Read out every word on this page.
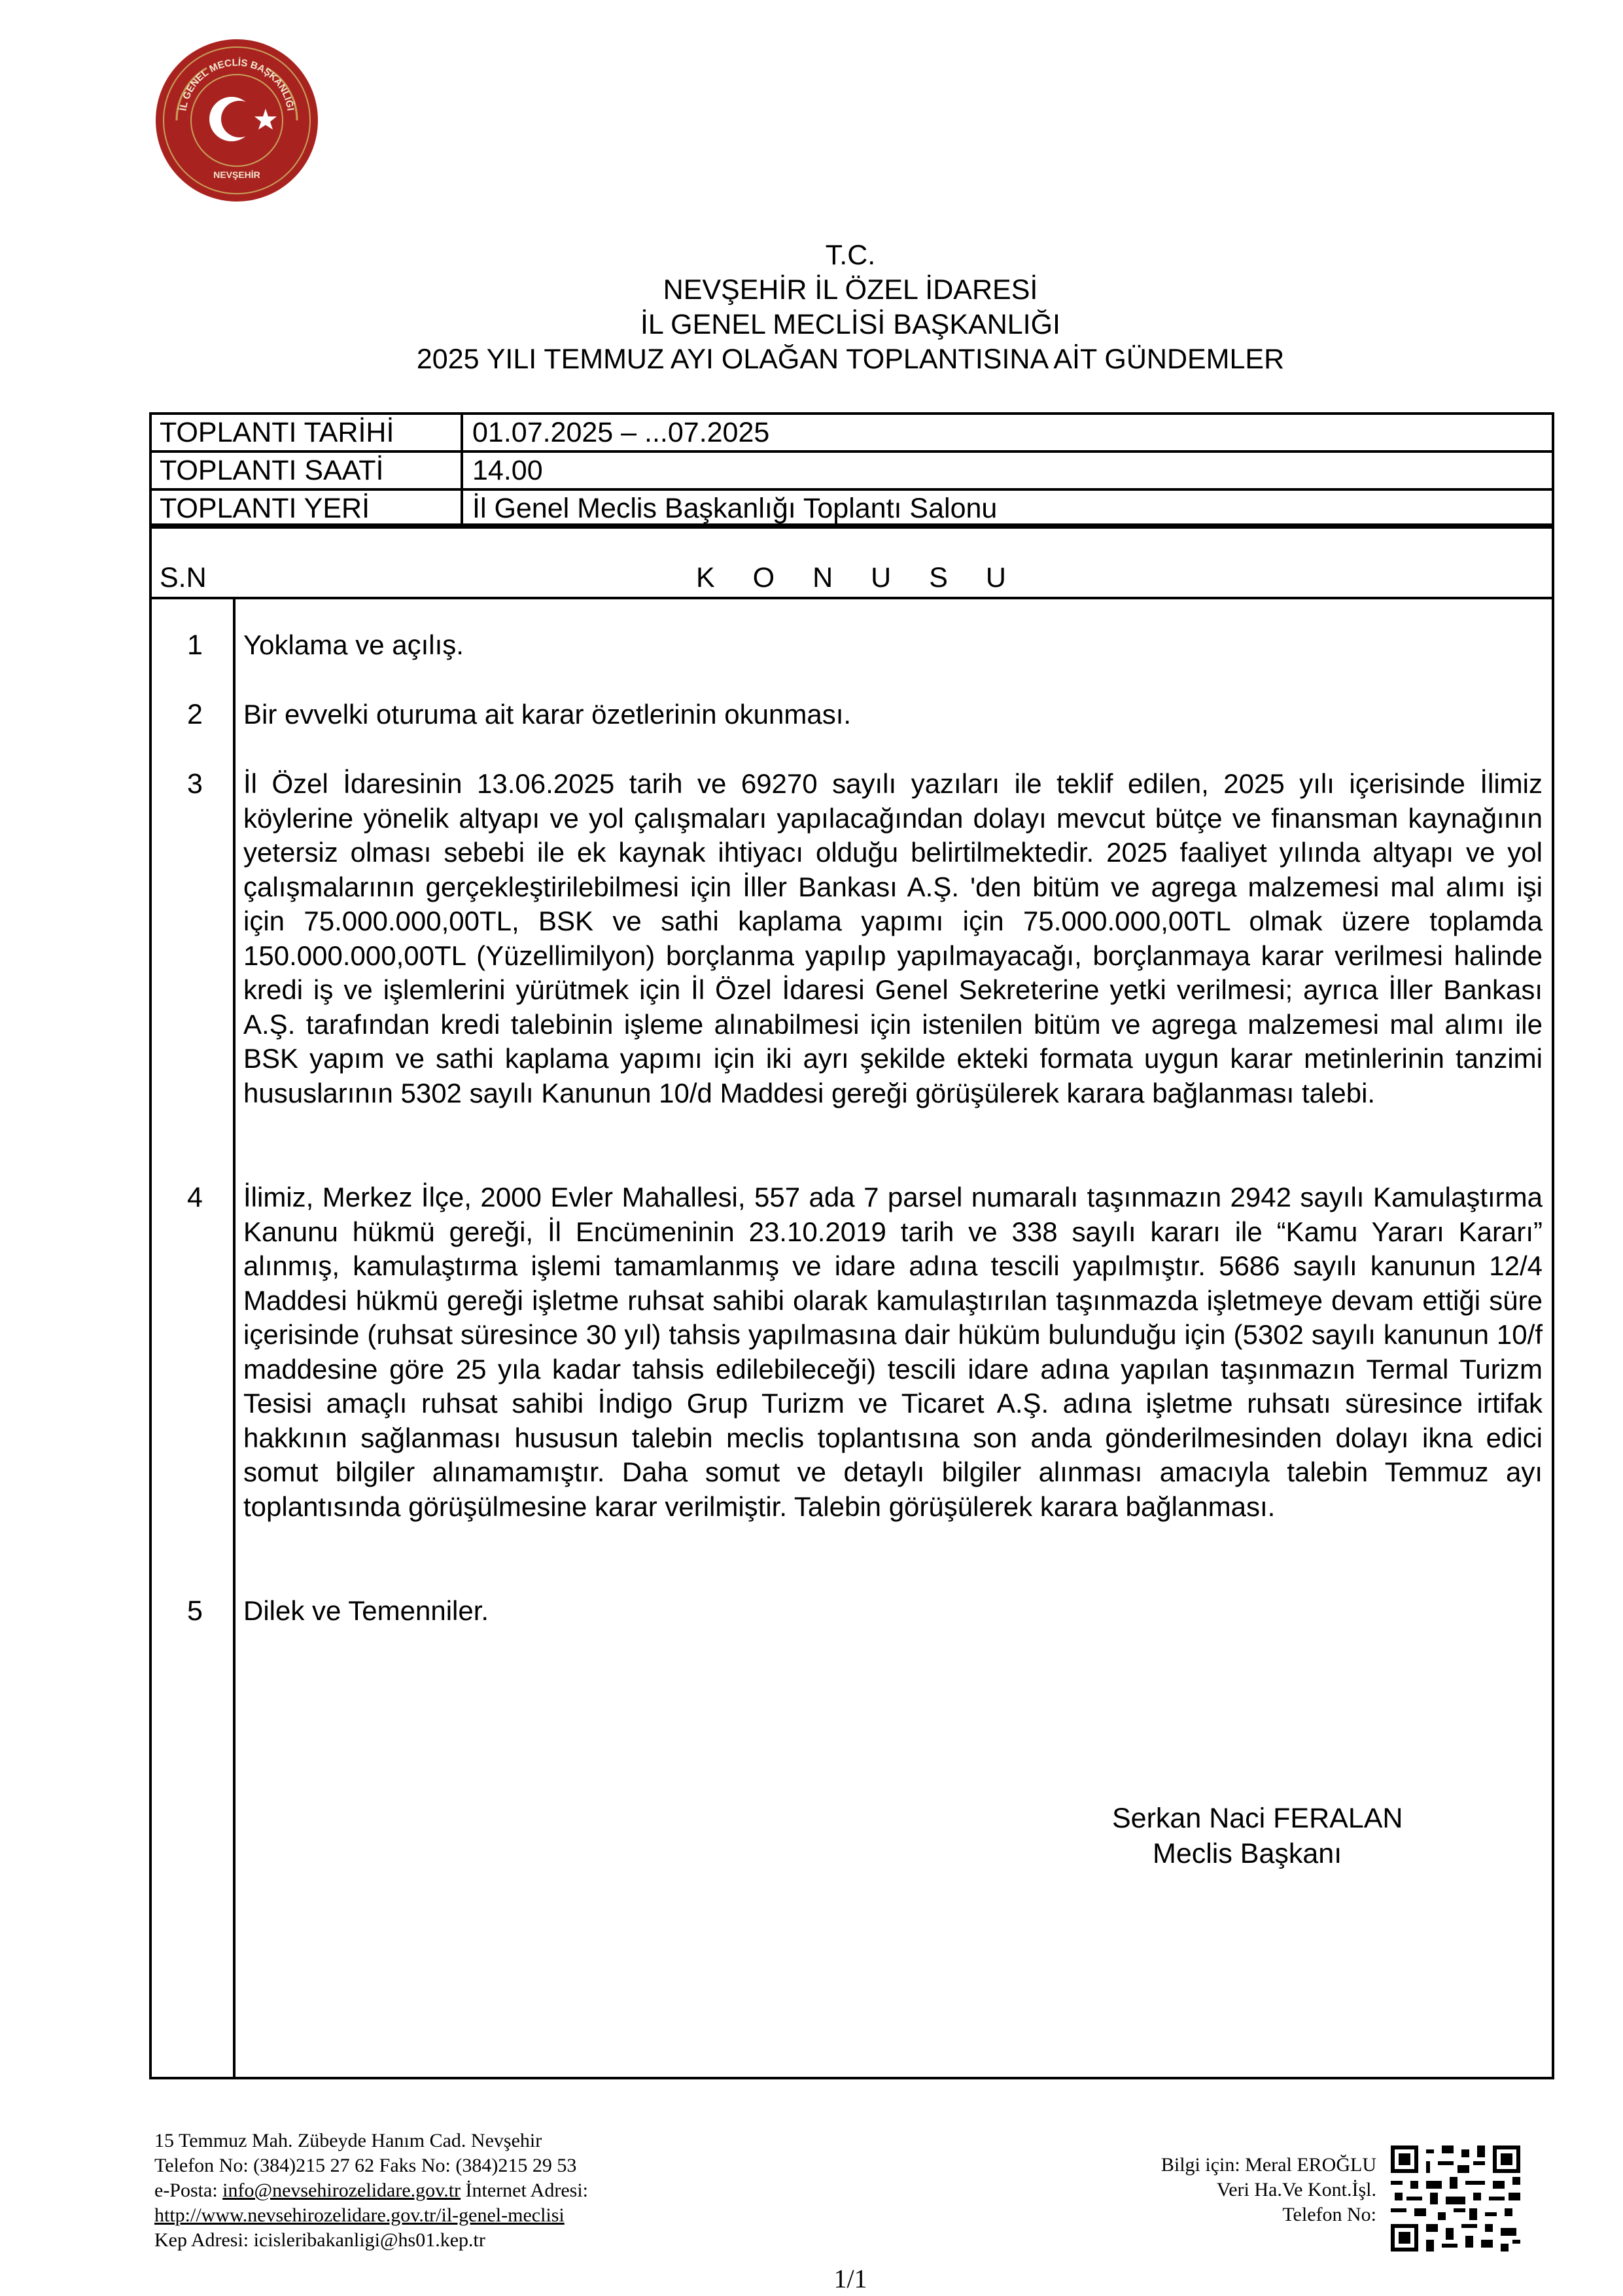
İL GENEL MECLİS BAŞKANLIĞI
NEVŞEHİR
T.C.
NEVŞEHİR İL ÖZEL İDARESİ
İL GENEL MECLİSİ BAŞKANLIĞI
2025 YILI TEMMUZ AYI OLAĞAN TOPLANTISINA AİT GÜNDEMLER
TOPLANTI TARİHİ	01.07.2025 – ...07.2025
TOPLANTI SAATİ	14.00
TOPLANTI YERİ	İl Genel Meclis Başkanlığı Toplantı Salonu
S.N	KONUSU
1 Yoklama ve açılış.
2 Bir evvelki oturuma ait karar özetlerinin okunması.
3 İl Özel İdaresinin 13.06.2025 tarih ve 69270 sayılı yazıları ile teklif edilen, 2025 yılı içerisinde İlimiz köylerine yönelik altyapı ve yol çalışmaları yapılacağından dolayı mevcut bütçe ve finansman kaynağının yetersiz olması sebebi ile ek kaynak ihtiyacı olduğu belirtilmektedir. 2025 faaliyet yılında altyapı ve yol çalışmalarının gerçekleştirilebilmesi için İller Bankası A.Ş. 'den bitüm ve agrega malzemesi mal alımı işi için 75.000.000,00TL, BSK ve sathi kaplama yapımı için 75.000.000,00TL olmak üzere toplamda 150.000.000,00TL (Yüzellimilyon) borçlanma yapılıp yapılmayacağı, borçlanmaya karar verilmesi halinde kredi iş ve işlemlerini yürütmek için İl Özel İdaresi Genel Sekreterine yetki verilmesi; ayrıca İller Bankası A.Ş. tarafından kredi talebinin işleme alınabilmesi için istenilen bitüm ve agrega malzemesi mal alımı ile BSK yapım ve sathi kaplama yapımı için iki ayrı şekilde ekteki formata uygun karar metinlerinin tanzimi hususlarının 5302 sayılı Kanunun 10/d Maddesi gereği görüşülerek karara bağlanması talebi.
4 İlimiz, Merkez İlçe, 2000 Evler Mahallesi, 557 ada 7 parsel numaralı taşınmazın 2942 sayılı Kamulaştırma Kanunu hükmü gereği, İl Encümeninin 23.10.2019 tarih ve 338 sayılı kararı ile “Kamu Yararı Kararı” alınmış, kamulaştırma işlemi tamamlanmış ve idare adına tescili yapılmıştır. 5686 sayılı kanunun 12/4 Maddesi hükmü gereği işletme ruhsat sahibi olarak kamulaştırılan taşınmazda işletmeye devam ettiği süre içerisinde (ruhsat süresince 30 yıl) tahsis yapılmasına dair hüküm bulunduğu için (5302 sayılı kanunun 10/f maddesine göre 25 yıla kadar tahsis edilebileceği) tescili idare adına yapılan taşınmazın Termal Turizm Tesisi amaçlı ruhsat sahibi İndigo Grup Turizm ve Ticaret A.Ş. adına işletme ruhsatı süresince irtifak hakkının sağlanması hususun talebin meclis toplantısına son anda gönderilmesinden dolayı ikna edici somut bilgiler alınamamıştır. Daha somut ve detaylı bilgiler alınması amacıyla talebin Temmuz ayı toplantısında görüşülmesine karar verilmiştir. Talebin görüşülerek karara bağlanması.
5 Dilek ve Temenniler.
Serkan Naci FERALAN
Meclis Başkanı
15 Temmuz Mah. Zübeyde Hanım Cad. Nevşehir
Telefon No: (384)215 27 62 Faks No: (384)215 29 53
e-Posta: info@nevsehirozelidare.gov.tr İnternet Adresi:
http://www.nevsehirozelidare.gov.tr/il-genel-meclisi
Kep Adresi: icisleribakanligi@hs01.kep.tr
Bilgi için: Meral EROĞLU
Veri Ha.Ve Kont.İşl.
Telefon No:
1/1
